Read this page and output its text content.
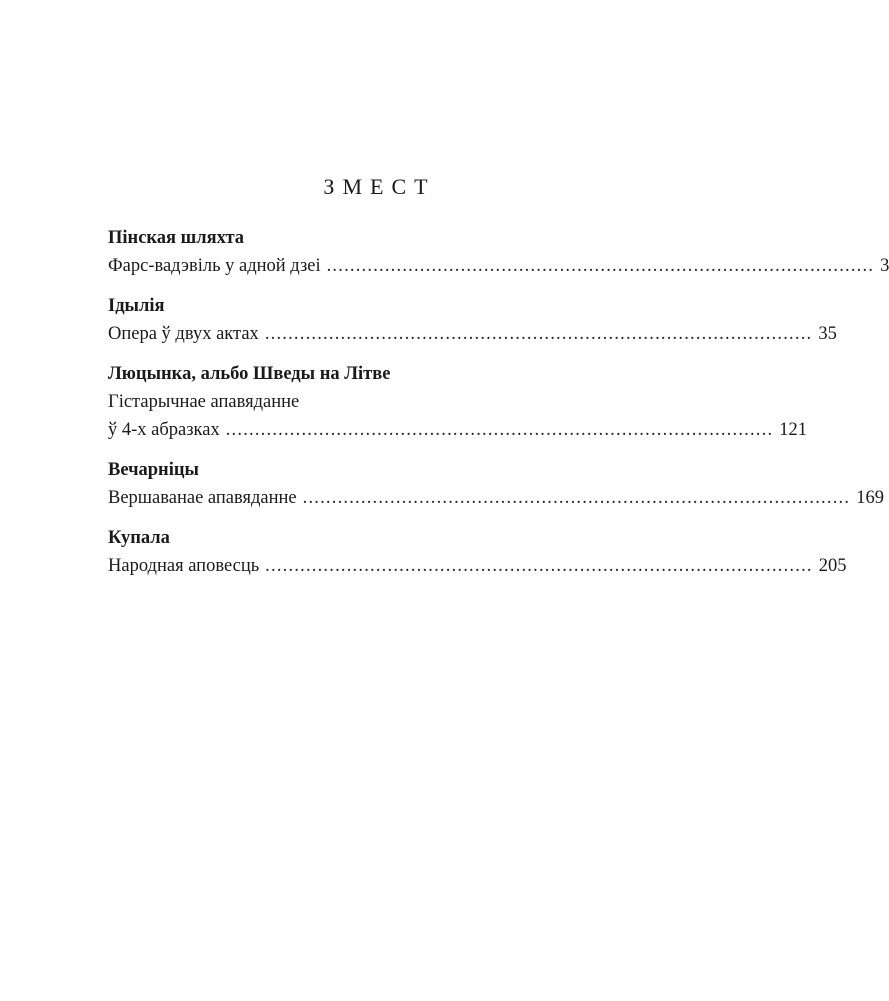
ЗМЕСТ
Пінская шляхта
Фарс-вадэвіль у адной дзеі .............................................................................................. 3
Ідылія
Опера ў двух актах .............................................................................................. 35
Люцынка, альбо Шведы на Літве
Гістарычнае апавяданне
ў 4-х абразках .............................................................................................. 121
Вечарніцы
Вершаванае апавяданне .............................................................................................. 169
Купала
Народная аповесць .............................................................................................. 205
